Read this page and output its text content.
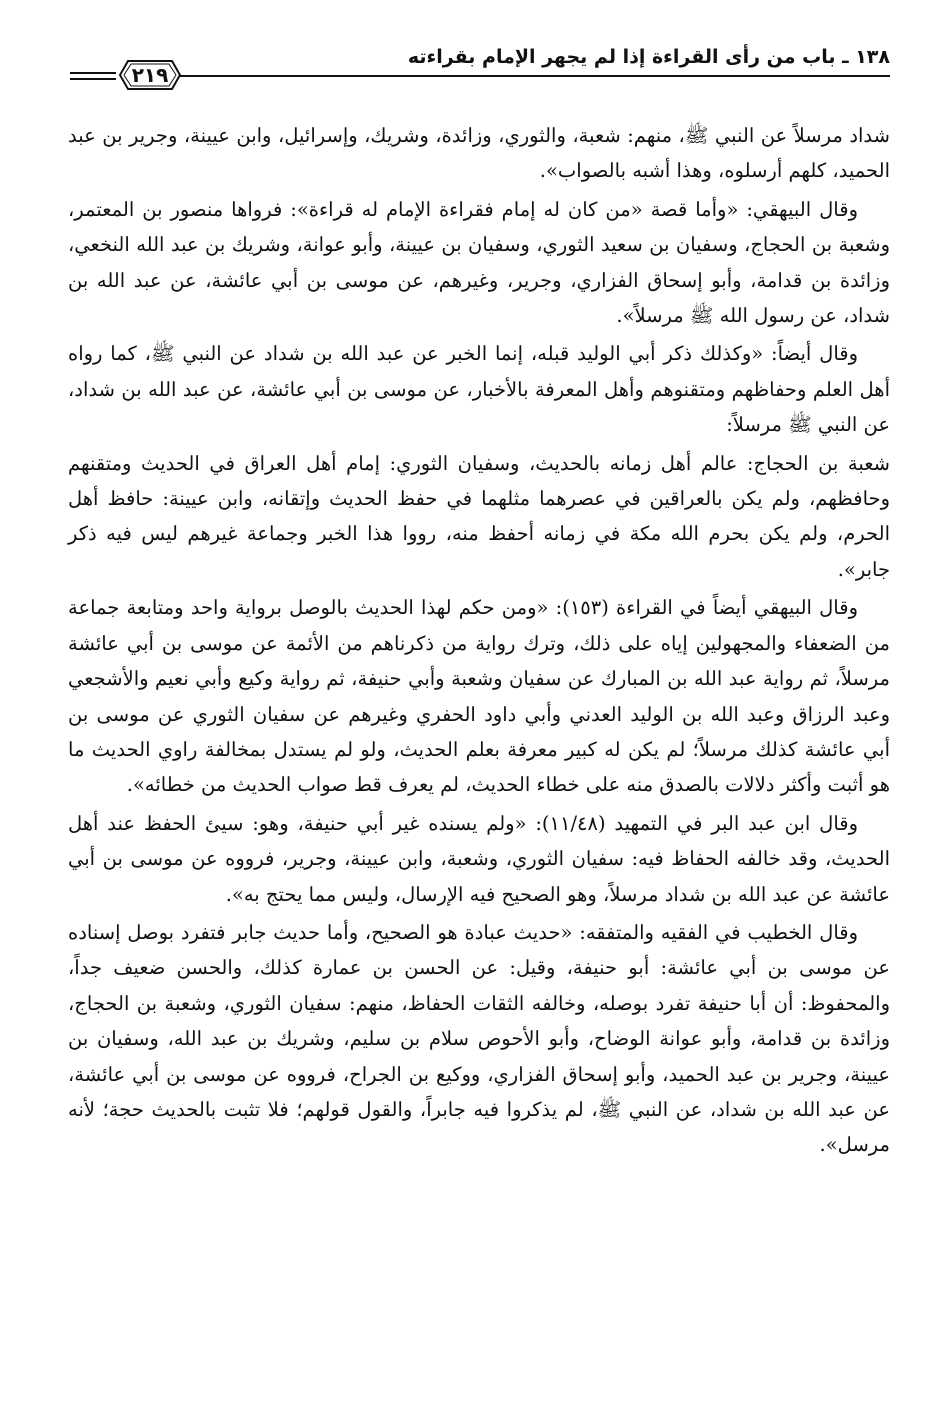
١٣٨ ـ باب من رأى القراءة إذا لم يجهر الإمام بقراءته
٢١٩

شداد مرسلاً عن النبي ﷺ، منهم: شعبة، والثوري، وزائدة، وشريك، وإسرائيل، وابن عيينة، وجرير بن عبد الحميد، كلهم أرسلوه، وهذا أشبه بالصواب».

وقال البيهقي: «وأما قصة «من كان له إمام فقراءة الإمام له قراءة»: فرواها منصور بن المعتمر، وشعبة بن الحجاج، وسفيان بن سعيد الثوري، وسفيان بن عيينة، وأبو عوانة، وشريك بن عبد الله النخعي، وزائدة بن قدامة، وأبو إسحاق الفزاري، وجرير، وغيرهم، عن موسى بن أبي عائشة، عن عبد الله بن شداد، عن رسول الله ﷺ مرسلاً».

وقال أيضاً: «وكذلك ذكر أبي الوليد قبله، إنما الخبر عن عبد الله بن شداد عن النبي ﷺ، كما رواه أهل العلم وحفاظهم ومتقنوهم وأهل المعرفة بالأخبار، عن موسى بن أبي عائشة، عن عبد الله بن شداد، عن النبي ﷺ مرسلاً:

شعبة بن الحجاج: عالم أهل زمانه بالحديث، وسفيان الثوري: إمام أهل العراق في الحديث ومتقنهم وحافظهم، ولم يكن بالعراقين في عصرهما مثلهما في حفظ الحديث وإتقانه، وابن عيينة: حافظ أهل الحرم، ولم يكن بحرم الله مكة في زمانه أحفظ منه، رووا هذا الخبر وجماعة غيرهم ليس فيه ذكر جابر».

وقال البيهقي أيضاً في القراءة (١٥٣): «ومن حكم لهذا الحديث بالوصل برواية واحد ومتابعة جماعة من الضعفاء والمجهولين إياه على ذلك، وترك رواية من ذكرناهم من الأئمة عن موسى بن أبي عائشة مرسلاً، ثم رواية عبد الله بن المبارك عن سفيان وشعبة وأبي حنيفة، ثم رواية وكيع وأبي نعيم والأشجعي وعبد الرزاق وعبد الله بن الوليد العدني وأبي داود الحفري وغيرهم عن سفيان الثوري عن موسى بن أبي عائشة كذلك مرسلاً؛ لم يكن له كبير معرفة بعلم الحديث، ولو لم يستدل بمخالفة راوي الحديث ما هو أثبت وأكثر دلالات بالصدق منه على خطاء الحديث، لم يعرف قط صواب الحديث من خطائه».

وقال ابن عبد البر في التمهيد (١١/٤٨): «ولم يسنده غير أبي حنيفة، وهو: سيئ الحفظ عند أهل الحديث، وقد خالفه الحفاظ فيه: سفيان الثوري، وشعبة، وابن عيينة، وجرير، فرووه عن موسى بن أبي عائشة عن عبد الله بن شداد مرسلاً، وهو الصحيح فيه الإرسال، وليس مما يحتج به».

وقال الخطيب في الفقيه والمتفقه: «حديث عبادة هو الصحيح، وأما حديث جابر فتفرد بوصل إسناده عن موسى بن أبي عائشة: أبو حنيفة، وقيل: عن الحسن بن عمارة كذلك، والحسن ضعيف جداً، والمحفوظ: أن أبا حنيفة تفرد بوصله، وخالفه الثقات الحفاظ، منهم: سفيان الثوري، وشعبة بن الحجاج، وزائدة بن قدامة، وأبو عوانة الوضاح، وأبو الأحوص سلام بن سليم، وشريك بن عبد الله، وسفيان بن عيينة، وجرير بن عبد الحميد، وأبو إسحاق الفزاري، ووكيع بن الجراح، فرووه عن موسى بن أبي عائشة، عن عبد الله بن شداد، عن النبي ﷺ، لم يذكروا فيه جابراً، والقول قولهم؛ فلا تثبت بالحديث حجة؛ لأنه مرسل».
